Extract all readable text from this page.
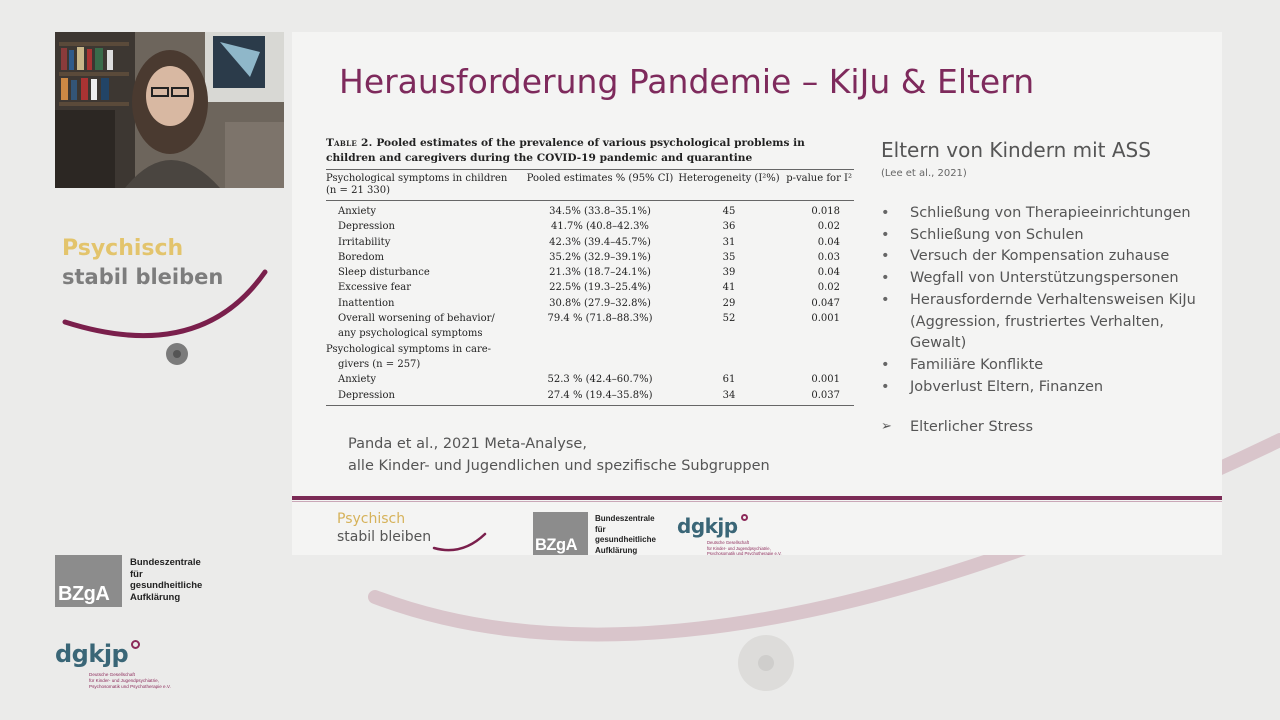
Psychisch
stabil bleiben
BZgA
Bundeszentrale
für
gesundheitliche
Aufklärung
dgkjp
Deutsche Gesellschaft
für Kinder- und Jugendpsychiatrie,
Psychosomatik und Psychotherapie e.V.
Herausforderung Pandemie – KiJu & Eltern
Table 2. Pooled estimates of the prevalence of various psychological problems in children and caregivers during the COVID-19 pandemic and quarantine
Psychological symptoms in children
(n = 21 330)	Pooled estimates % (95% CI)	Heterogeneity (I²%)	p-value for I²
Anxiety	34.5% (33.8–35.1%)	45	0.018
Depression	41.7% (40.8–42.3%	36	0.02
Irritability	42.3% (39.4–45.7%)	31	0.04
Boredom	35.2% (32.9–39.1%)	35	0.03
Sleep disturbance	21.3% (18.7–24.1%)	39	0.04
Excessive fear	22.5% (19.3–25.4%)	41	0.02
Inattention	30.8% (27.9–32.8%)	29	0.047
Overall worsening of behavior/	79.4 % (71.8–88.3%)	52	0.001
any psychological symptoms			
Psychological symptoms in care-			
givers (n = 257)			
Anxiety	52.3 % (42.4–60.7%)	61	0.001
Depression	27.4 % (19.4–35.8%)	34	0.037
Panda et al., 2021 Meta-Analyse,
alle Kinder- und Jugendlichen und spezifische Subgruppen
Eltern von Kindern mit ASS
(Lee et al., 2021)
• Schließung von Therapieeinrichtungen
• Schließung von Schulen
• Versuch der Kompensation zuhause
• Wegfall von Unterstützungspersonen
• Herausfordernde Verhaltensweisen KiJu (Aggression, frustriertes Verhalten, Gewalt)
• Familiäre Konflikte
• Jobverlust Eltern, Finanzen
➢ Elterlicher Stress
Psychisch
stabil bleiben	BZgA
Bundeszentrale
für
gesundheitliche
Aufklärung
dgkjp
Deutsche Gesellschaft
für Kinder- und Jugendpsychiatrie,
Psychosomatik und Psychotherapie e.V.
